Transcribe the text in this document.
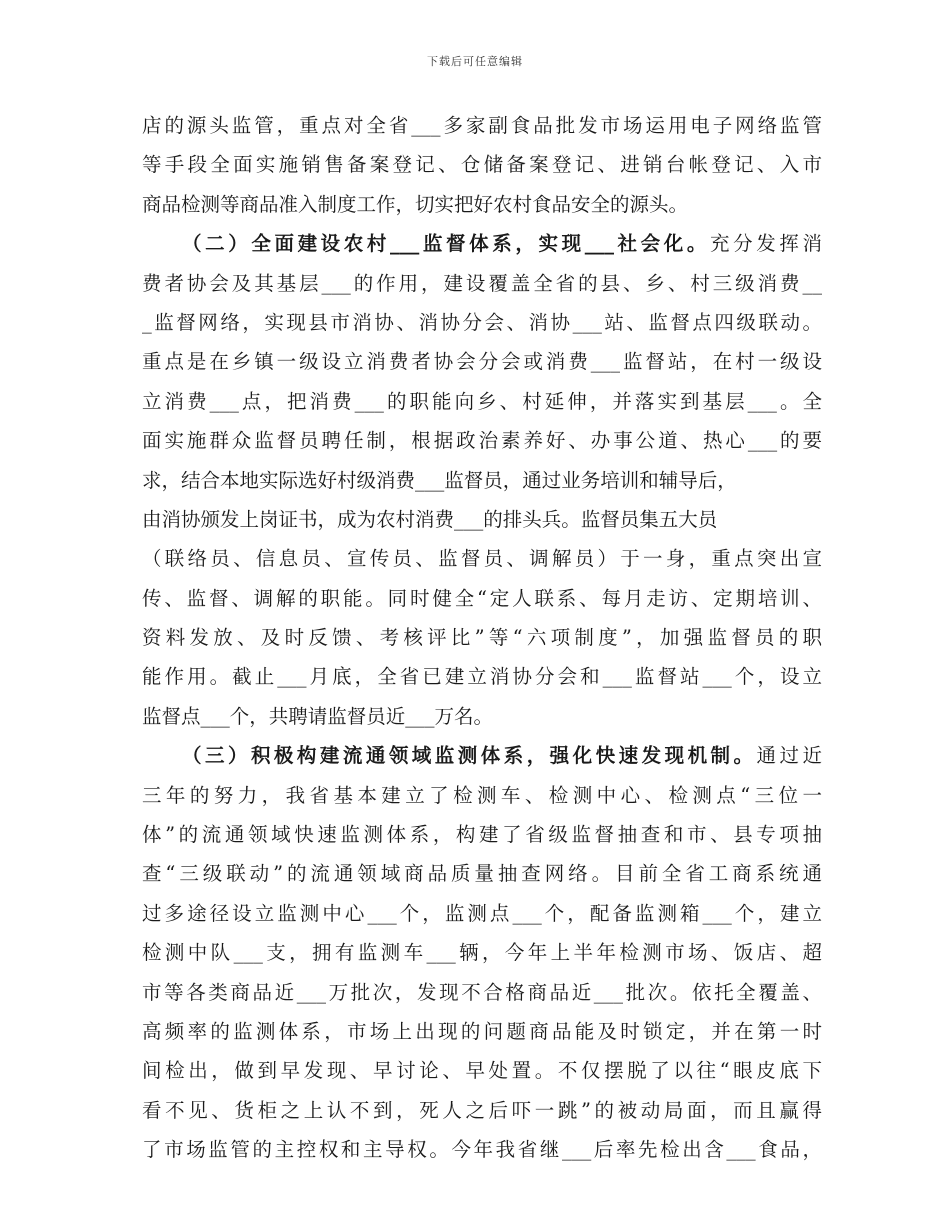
下载后可任意编辑
店的源头监管，重点对全省___多家副食品批发市场运用电子网络监管
等手段全面实施销售备案登记、仓储备案登记、进销台帐登记、入市
商品检测等商品准入制度工作，切实把好农村食品安全的源头。
（二）全面建设农村___监督体系，实现___社会化。充分发挥消
费者协会及其基层___的作用，建设覆盖全省的县、乡、村三级消费__
_监督网络，实现县市消协、消协分会、消协___站、监督点四级联动。
重点是在乡镇一级设立消费者协会分会或消费___监督站，在村一级设
立消费___点，把消费___的职能向乡、村延伸，并落实到基层___。全
面实施群众监督员聘任制，根据政治素养好、办事公道、热心___的要
求，结合本地实际选好村级消费___监督员，通过业务培训和辅导后，
由消协颁发上岗证书，成为农村消费___的排头兵。监督员集五大员
（联络员、信息员、宣传员、监督员、调解员）于一身，重点突出宣
传、监督、调解的职能。同时健全“定人联系、每月走访、定期培训、
资料发放、及时反馈、考核评比”等“六项制度”，加强监督员的职
能作用。截止___月底，全省已建立消协分会和___监督站___个，设立
监督点___个，共聘请监督员近___万名。
（三）积极构建流通领域监测体系，强化快速发现机制。通过近
三年的努力，我省基本建立了检测车、检测中心、检测点“三位一
体”的流通领域快速监测体系，构建了省级监督抽查和市、县专项抽
查“三级联动”的流通领域商品质量抽查网络。目前全省工商系统通
过多途径设立监测中心___个，监测点___个，配备监测箱___个，建立
检测中队___支，拥有监测车___辆，今年上半年检测市场、饭店、超
市等各类商品近___万批次，发现不合格商品近___批次。依托全覆盖、
高频率的监测体系，市场上出现的问题商品能及时锁定，并在第一时
间检出，做到早发现、早讨论、早处置。不仅摆脱了以往“眼皮底下
看不见、货柜之上认不到，死人之后吓一跳”的被动局面，而且赢得
了市场监管的主控权和主导权。今年我省继___后率先检出含___食品，
